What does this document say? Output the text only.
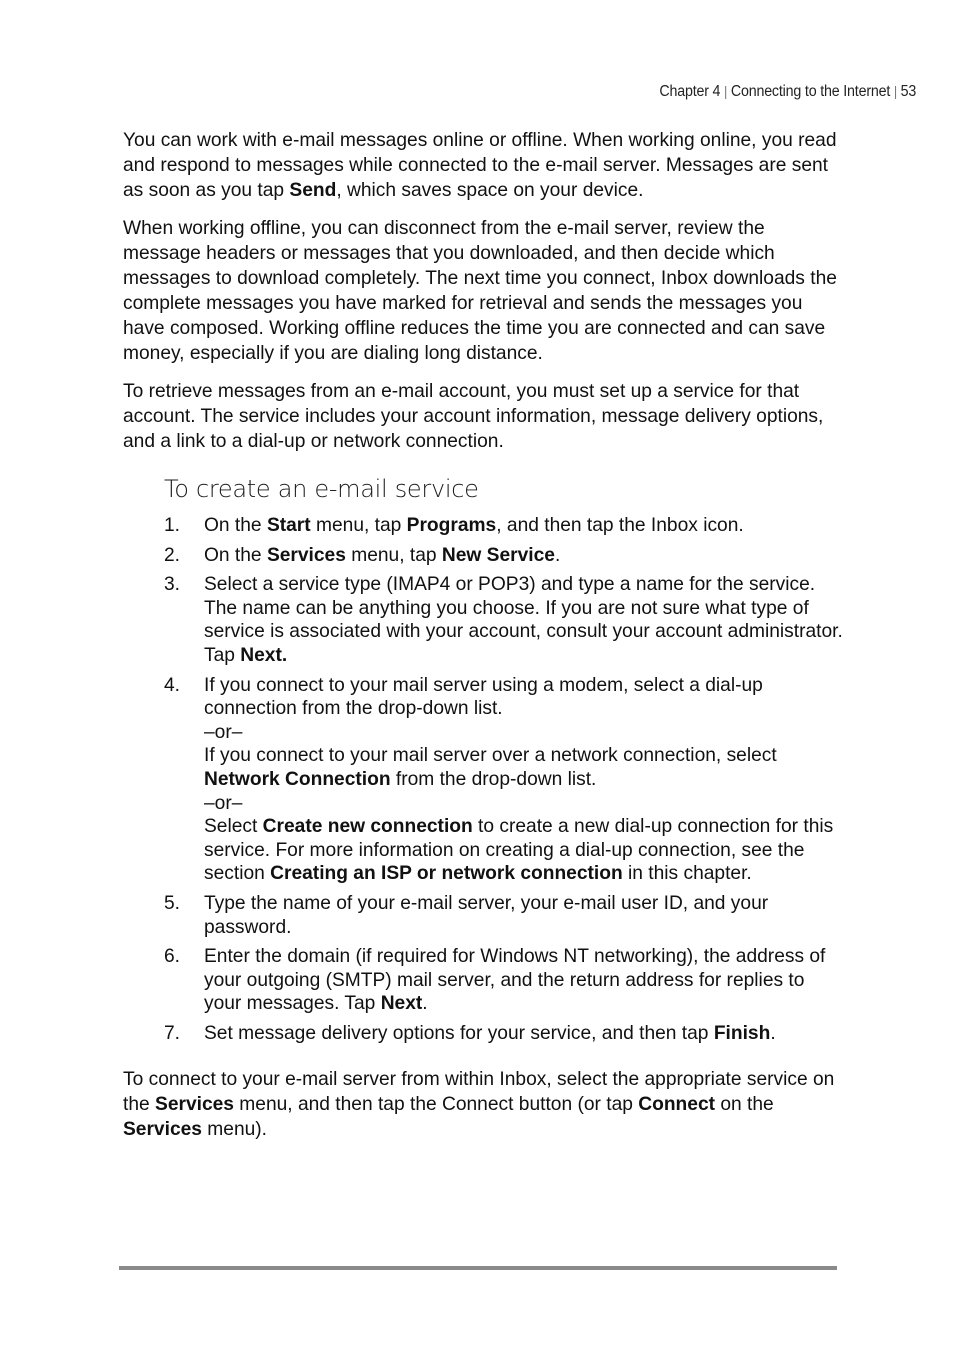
Chapter 4 | Connecting to the Internet | 53

You can work with e-mail messages online or offline. When working online, you read and respond to messages while connected to the e-mail server. Messages are sent as soon as you tap Send, which saves space on your device.

When working offline, you can disconnect from the e-mail server, review the message headers or messages that you downloaded, and then decide which messages to download completely. The next time you connect, Inbox downloads the complete messages you have marked for retrieval and sends the messages you have composed. Working offline reduces the time you are connected and can save money, especially if you are dialing long distance.

To retrieve messages from an e-mail account, you must set up a service for that account. The service includes your account information, message delivery options, and a link to a dial-up or network connection.

To create an e-mail service
1. On the Start menu, tap Programs, and then tap the Inbox icon.
2. On the Services menu, tap New Service.
3. Select a service type (IMAP4 or POP3) and type a name for the service. The name can be anything you choose. If you are not sure what type of service is associated with your account, consult your account administrator. Tap Next.
4. If you connect to your mail server using a modem, select a dial-up connection from the drop-down list.
–or–
If you connect to your mail server over a network connection, select Network Connection from the drop-down list.
–or–
Select Create new connection to create a new dial-up connection for this service. For more information on creating a dial-up connection, see the section Creating an ISP or network connection in this chapter.
5. Type the name of your e-mail server, your e-mail user ID, and your password.
6. Enter the domain (if required for Windows NT networking), the address of your outgoing (SMTP) mail server, and the return address for replies to your messages. Tap Next.
7. Set message delivery options for your service, and then tap Finish.

To connect to your e-mail server from within Inbox, select the appropriate service on the Services menu, and then tap the Connect button (or tap Connect on the Services menu).
